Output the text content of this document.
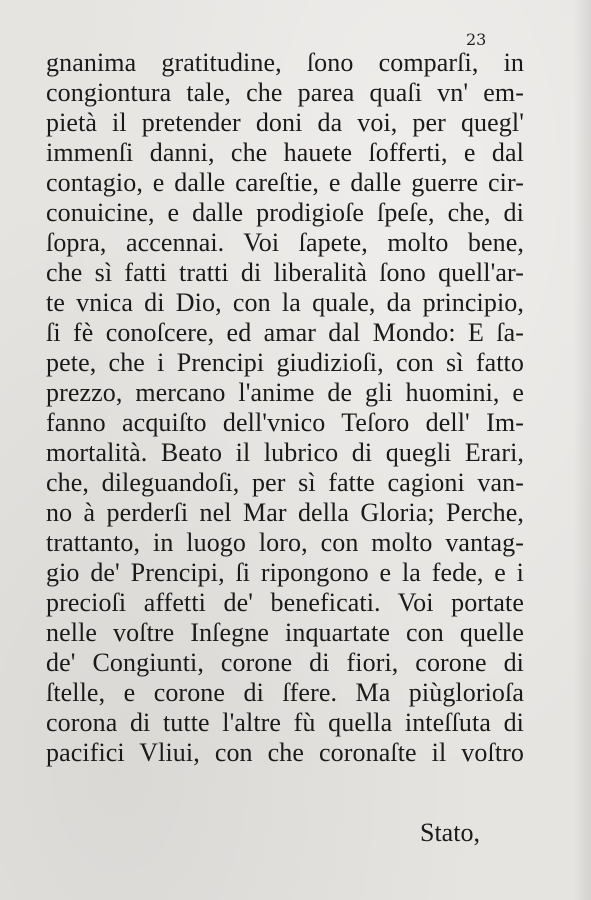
23
gnanima gratitudine, ſono comparſi, in
congiontura tale, che parea quaſi vn' em-
pietà il pretender doni da voi, per quegl'
immenſi danni, che hauete ſofferti, e dal
contagio, e dalle careſtie, e dalle guerre cir-
conuicine, e dalle prodigioſe ſpeſe, che, di
ſopra, accennai. Voi ſapete, molto bene,
che sì fatti tratti di liberalità ſono quell'ar-
te vnica di Dio, con la quale, da principio,
ſi fè conoſcere, ed amar dal Mondo: E ſa-
pete, che i Prencipi giudizioſi, con sì fatto
prezzo, mercano l'anime de gli huomini, e
fanno acquiſto dell'vnico Teſoro dell' Im-
mortalità. Beato il lubrico di quegli Erari,
che, dileguandoſi, per sì fatte cagioni van-
no à perderſi nel Mar della Gloria; Perche,
trattanto, in luogo loro, con molto vantag-
gio de' Prencipi, ſi ripongono e la fede, e i
precioſi affetti de' beneficati. Voi portate
nelle voſtre Inſegne inquartate con quelle
de' Congiunti, corone di fiori, corone di
ſtelle, e corone di ſfere. Ma piùglorioſa
corona di tutte l'altre fù quella inteſſuta di
pacifici Vliui, con che coronaſte il voſtro
Stato,
